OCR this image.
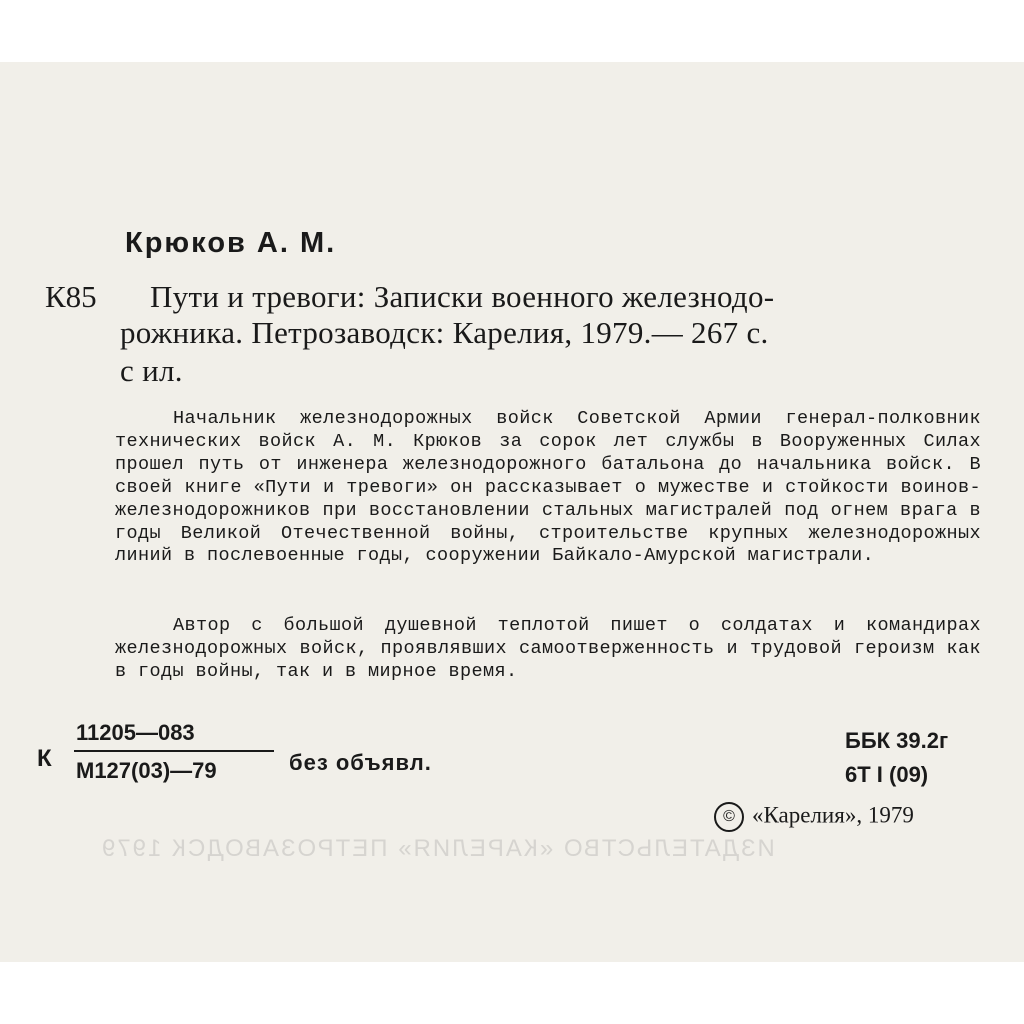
Крюков А. М.
К85 Пути и тревоги: Записки военного железнодо-
рожника. Петрозаводск: Карелия, 1979.— 267 с.
с ил.
Начальник железнодорожных войск Советской Армии генерал-полковник технических войск А. М. Крюков за сорок лет службы в Вооруженных Силах прошел путь от инженера железнодорожного батальона до начальника войск. В своей книге «Пути и тревоги» он рассказывает о мужестве и стойкости воинов-железнодорожников при восстановлении стальных магистралей под огнем врага в годы Великой Отечественной войны, строительстве крупных железнодорожных линий в послевоенные годы, сооружении Байкало-Амурской магистрали.
Автор с большой душевной теплотой пишет о солдатах и командирах железнодорожных войск, проявлявших самоотверженность и трудовой героизм как в годы войны, так и в мирное время.
К
11205—083
М127(03)—79	без объявл.
ББК 39.2г
6Т I (09)
© «Карелия», 1979
ИЗДАТЕЛЬСТВО «КАРЕЛИЯ» ПЕТРОЗАВОДСК 1979
